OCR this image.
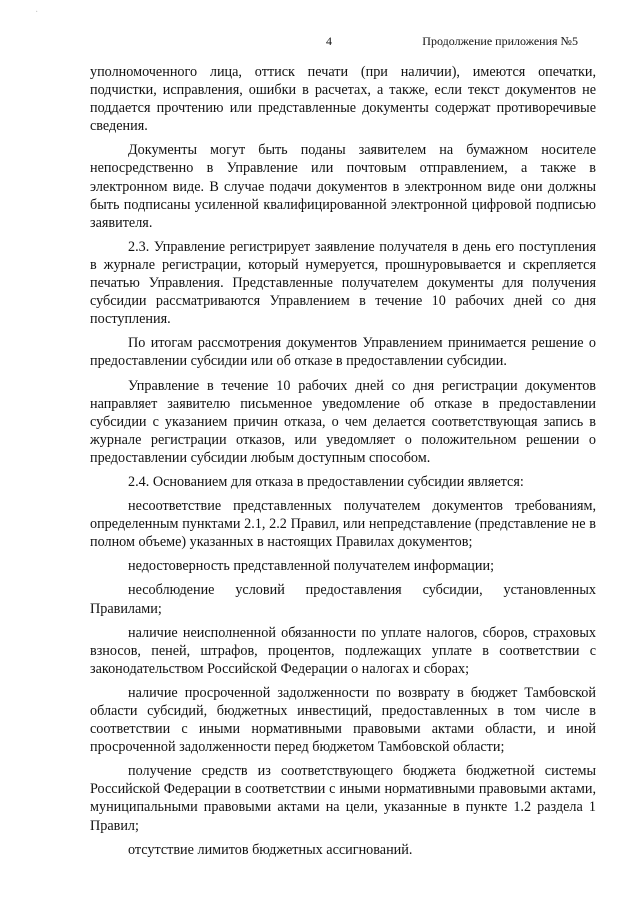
·
4	Продолжение приложения №5

уполномоченного лица, оттиск печати (при наличии), имеются опечатки, подчистки, исправления, ошибки в расчетах, а также, если текст документов не поддается прочтению или представленные документы содержат противоречивые сведения.

Документы могут быть поданы заявителем на бумажном носителе непосредственно в Управление или почтовым отправлением, а также в электронном виде. В случае подачи документов в электронном виде они должны быть подписаны усиленной квалифицированной электронной цифровой подписью заявителя.

2.3. Управление регистрирует заявление получателя в день его поступления в журнале регистрации, который нумеруется, прошнуровывается и скрепляется печатью Управления. Представленные получателем документы для получения субсидии рассматриваются Управлением в течение 10 рабочих дней со дня поступления.

По итогам рассмотрения документов Управлением принимается решение о предоставлении субсидии или об отказе в предоставлении субсидии.

Управление в течение 10 рабочих дней со дня регистрации документов направляет заявителю письменное уведомление об отказе в предоставлении субсидии с указанием причин отказа, о чем делается соответствующая запись в журнале регистрации отказов, или уведомляет о положительном решении о предоставлении субсидии любым доступным способом.

2.4. Основанием для отказа в предоставлении субсидии является:

несоответствие представленных получателем документов требованиям, определенным пунктами 2.1, 2.2 Правил, или непредставление (представление не в полном объеме) указанных в настоящих Правилах документов;

недостоверность представленной получателем информации;

несоблюдение условий предоставления субсидии, установленных Правилами;

наличие неисполненной обязанности по уплате налогов, сборов, страховых взносов, пеней, штрафов, процентов, подлежащих уплате в соответствии с законодательством Российской Федерации о налогах и сборах;

наличие просроченной задолженности по возврату в бюджет Тамбовской области субсидий, бюджетных инвестиций, предоставленных в том числе в соответствии с иными нормативными правовыми актами области, и иной просроченной задолженности перед бюджетом Тамбовской области;

получение средств из соответствующего бюджета бюджетной системы Российской Федерации в соответствии с иными нормативными правовыми актами, муниципальными правовыми актами на цели, указанные в пункте 1.2 раздела 1 Правил;

отсутствие лимитов бюджетных ассигнований.
